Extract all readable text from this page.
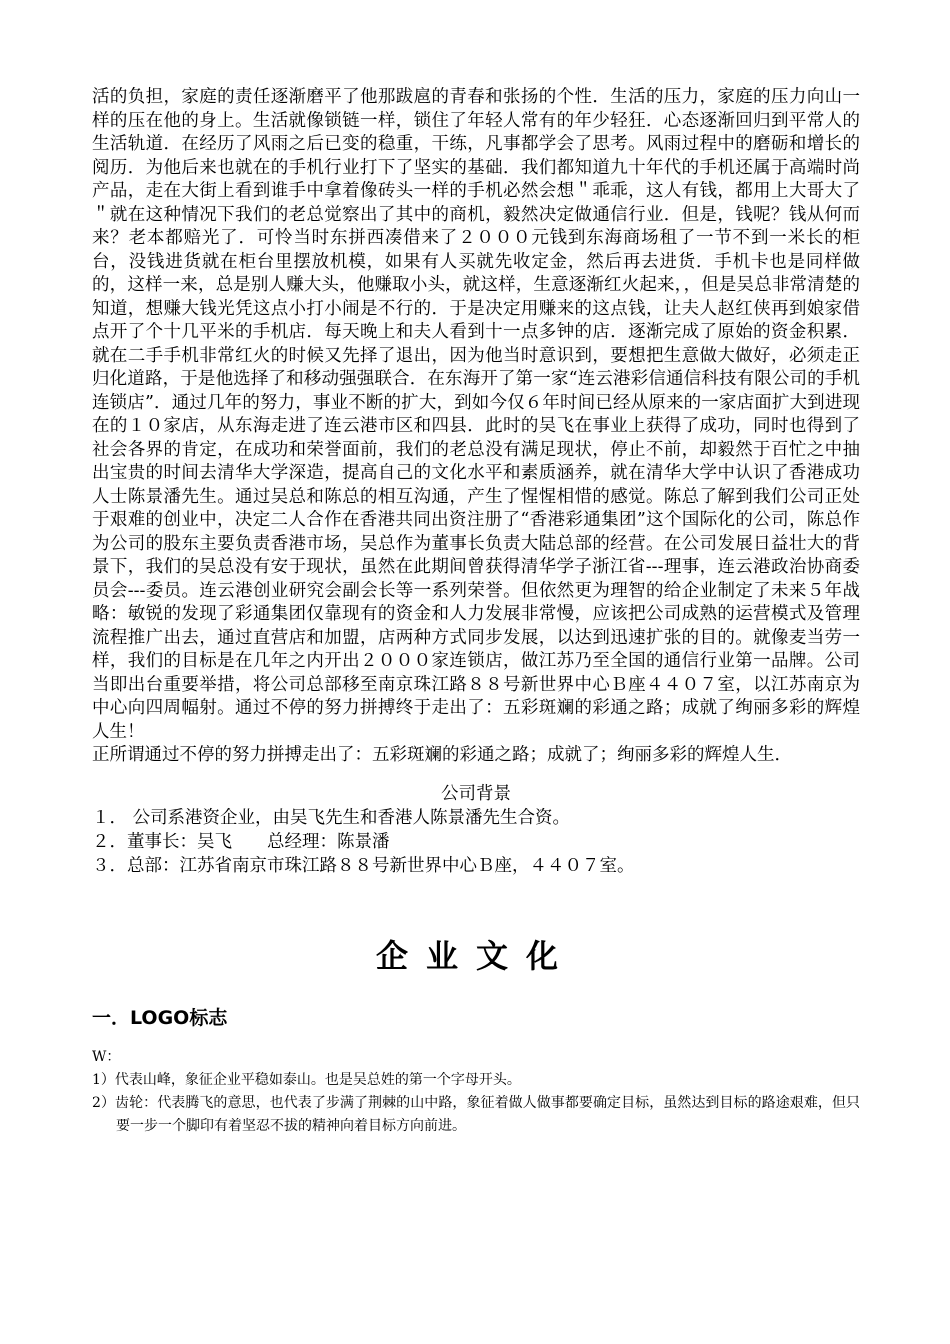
活的负担，家庭的责任逐渐磨平了他那跋扈的青春和张扬的个性．生活的压力，家庭的压力向山一样的压在他的身上。生活就像锁链一样，锁住了年轻人常有的年少轻狂．心态逐渐回归到平常人的生活轨道．在经历了风雨之后已变的稳重，干练，凡事都学会了思考。风雨过程中的磨砺和增长的阅历．为他后来也就在的手机行业打下了坚实的基础．我们都知道九十年代的手机还属于高端时尚产品，走在大街上看到谁手中拿着像砖头一样的手机必然会想＂乖乖，这人有钱，都用上大哥大了＂就在这种情况下我们的老总觉察出了其中的商机，毅然决定做通信行业．但是，钱呢？钱从何而来？老本都赔光了．可怜当时东拼西凑借来了２０００元钱到东海商场租了一节不到一米长的柜台，没钱进货就在柜台里摆放机模，如果有人买就先收定金，然后再去进货．手机卡也是同样做的，这样一来，总是别人赚大头，他赚取小头，就这样，生意逐渐红火起来，，但是吴总非常清楚的知道，想赚大钱光凭这点小打小闹是不行的．于是决定用赚来的这点钱，让夫人赵红侠再到娘家借点开了个十几平米的手机店．每天晚上和夫人看到十一点多钟的店．逐渐完成了原始的资金积累．就在二手手机非常红火的时候又先择了退出，因为他当时意识到，要想把生意做大做好，必须走正归化道路，于是他选择了和移动强强联合．在东海开了第一家“连云港彩信通信科技有限公司的手机连锁店”．通过几年的努力，事业不断的扩大，到如今仅６年时间已经从原来的一家店面扩大到进现在的１０家店，从东海走进了连云港市区和四县．此时的吴飞在事业上获得了成功，同时也得到了社会各界的肯定，在成功和荣誉面前，我们的老总没有满足现状，停止不前，却毅然于百忙之中抽出宝贵的时间去清华大学深造，提高自己的文化水平和素质涵养，就在清华大学中认识了香港成功人士陈景潘先生。通过吴总和陈总的相互沟通，产生了惺惺相惜的感觉。陈总了解到我们公司正处于艰难的创业中，决定二人合作在香港共同出资注册了“香港彩通集团”这个国际化的公司，陈总作为公司的股东主要负责香港市场，吴总作为董事长负责大陆总部的经营。在公司发展日益壮大的背景下，我们的吴总没有安于现状，虽然在此期间曾获得清华学子浙江省---理事，连云港政治协商委员会---委员。连云港创业研究会副会长等一系列荣誉。但依然更为理智的给企业制定了未来５年战略：敏锐的发现了彩通集团仅靠现有的资金和人力发展非常慢，应该把公司成熟的运营模式及管理流程推广出去，通过直营店和加盟，店两种方式同步发展，以达到迅速扩张的目的。就像麦当劳一样，我们的目标是在几年之内开出２０００家连锁店，做江苏乃至全国的通信行业第一品牌。公司当即出台重要举措，将公司总部移至南京珠江路８８号新世界中心Ｂ座４４０７室，以江苏南京为中心向四周幅射。通过不停的努力拼搏终于走出了：五彩斑斓的彩通之路；成就了绚丽多彩的辉煌人生！

正所谓通过不停的努力拼搏走出了：五彩斑斓的彩通之路；成就了；绚丽多彩的辉煌人生．

公司背景

１． 公司系港资企业，由吴飞先生和香港人陈景潘先生合资。

２．董事长：吴飞　　总经理：陈景潘

３．总部：江苏省南京市珠江路８８号新世界中心Ｂ座，４４０７室。

企业文化
一．LOGO标志

W：

1）代表山峰，象征企业平稳如泰山。也是吴总姓的第一个字母开头。

2）齿轮：代表腾飞的意思，也代表了步满了荆棘的山中路，象征着做人做事都要确定目标，虽然达到目标的路途艰难，但只要一步一个脚印有着坚忍不拔的精神向着目标方向前进。
